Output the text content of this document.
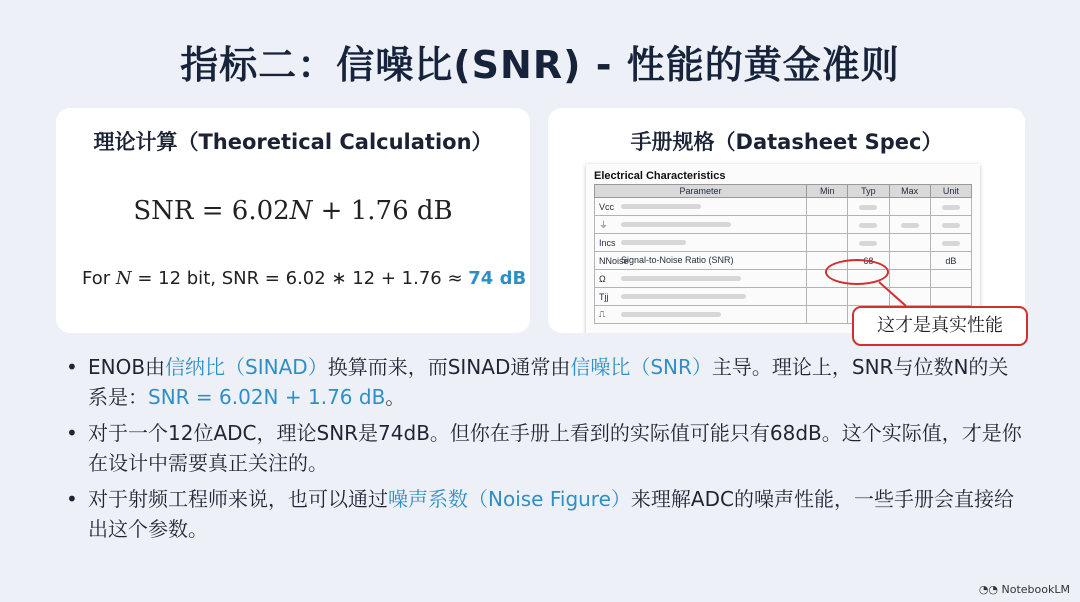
指标二：信噪比(SNR) - 性能的黄金准则
理论计算（Theoretical Calculation）
SNR = 6.02N + 1.76 dB
For N = 12 bit, SNR = 6.02 ∗ 12 + 1.76 ≈ 74 dB
手册规格（Datasheet Spec）
Electrical Characteristics
Parameter	Min	Typ	Max	Unit
Vcc				
⏚				
Incs				
NNoiseSignal-to-Noise Ratio (SNR)		68		dB
Ω				
Tjj				
⎍				
这才是真实性能
• ENOB由信纳比（SINAD）换算而来，而SINAD通常由信噪比（SNR）主导。理论上，SNR与位数N的关系是：SNR = 6.02N + 1.76 dB。
• 对于一个12位ADC，理论SNR是74dB。但你在手册上看到的实际值可能只有68dB。这个实际值，才是你在设计中需要真正关注的。
• 对于射频工程师来说，也可以通过噪声系数（Noise Figure）来理解ADC的噪声性能，一些手册会直接给出这个参数。
◔◔ NotebookLM
